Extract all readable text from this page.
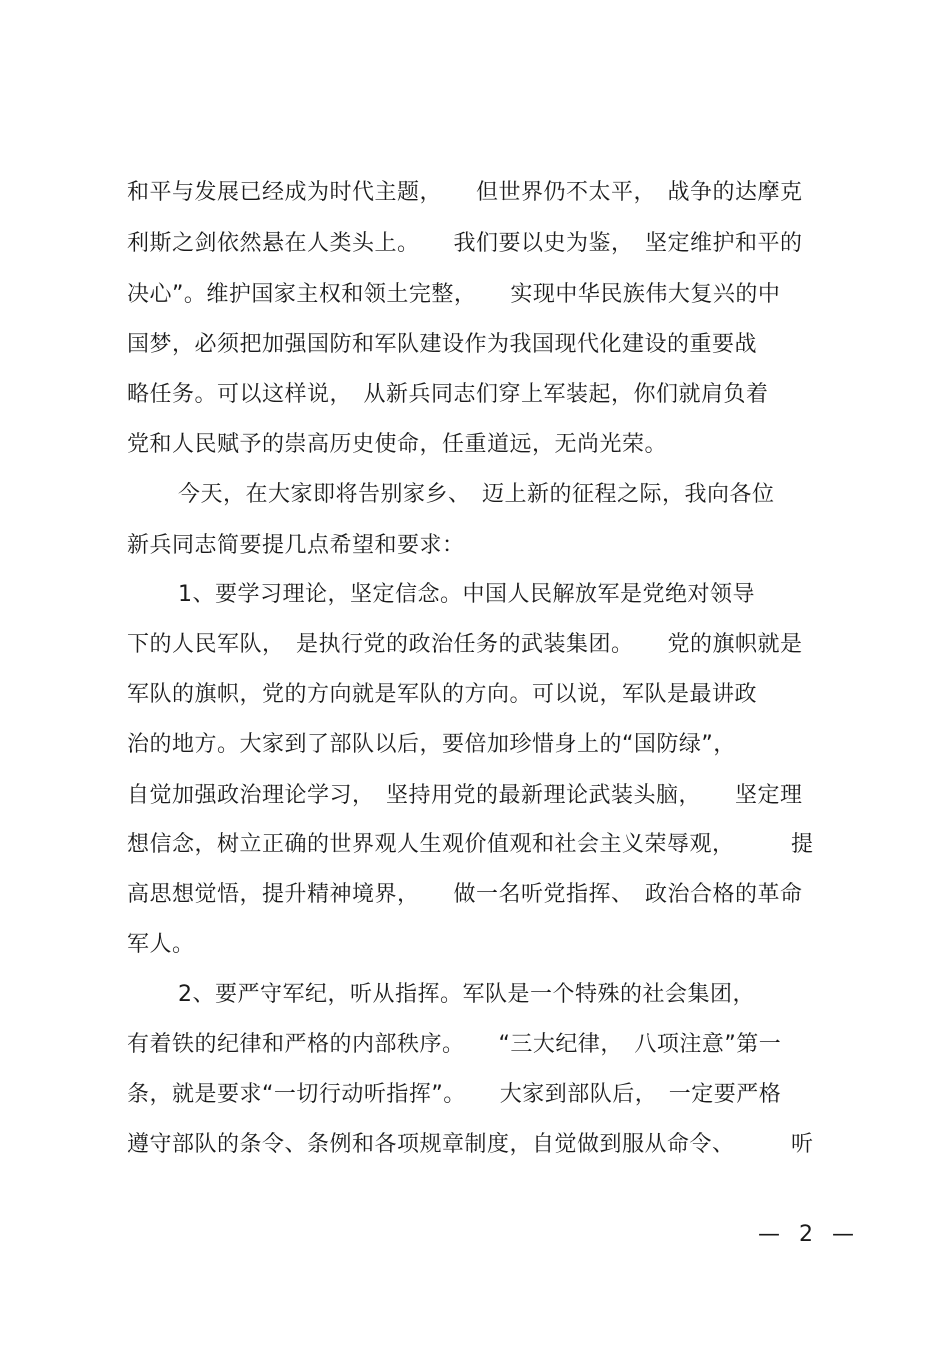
和平与发展已经成为时代主题，　　但世界仍不太平，　战争的达摩克
利斯之剑依然悬在人类头上。　　我们要以史为鉴，　坚定维护和平的
决心”。维护国家主权和领土完整，　　实现中华民族伟大复兴的中
国梦，必须把加强国防和军队建设作为我国现代化建设的重要战
略任务。可以这样说，　从新兵同志们穿上军装起，你们就肩负着
党和人民赋予的崇高历史使命，任重道远，无尚光荣。
今天，在大家即将告别家乡、　迈上新的征程之际，我向各位
新兵同志简要提几点希望和要求：
1、要学习理论，坚定信念。中国人民解放军是党绝对领导
下的人民军队，　是执行党的政治任务的武装集团。　　党的旗帜就是
军队的旗帜，党的方向就是军队的方向。可以说，军队是最讲政
治的地方。大家到了部队以后，要倍加珍惜身上的“国防绿”，
自觉加强政治理论学习，　坚持用党的最新理论武装头脑，　　坚定理
想信念，树立正确的世界观人生观价值观和社会主义荣辱观，　　　提
高思想觉悟，提升精神境界，　　做一名听党指挥、　政治合格的革命
军人。
2、要严守军纪，听从指挥。军队是一个特殊的社会集团，
有着铁的纪律和严格的内部秩序。　　“三大纪律，　八项注意”第一
条，就是要求“一切行动听指挥”。　　大家到部队后，　一定要严格
遵守部队的条令、条例和各项规章制度，自觉做到服从命令、　　　听
— 2 —
